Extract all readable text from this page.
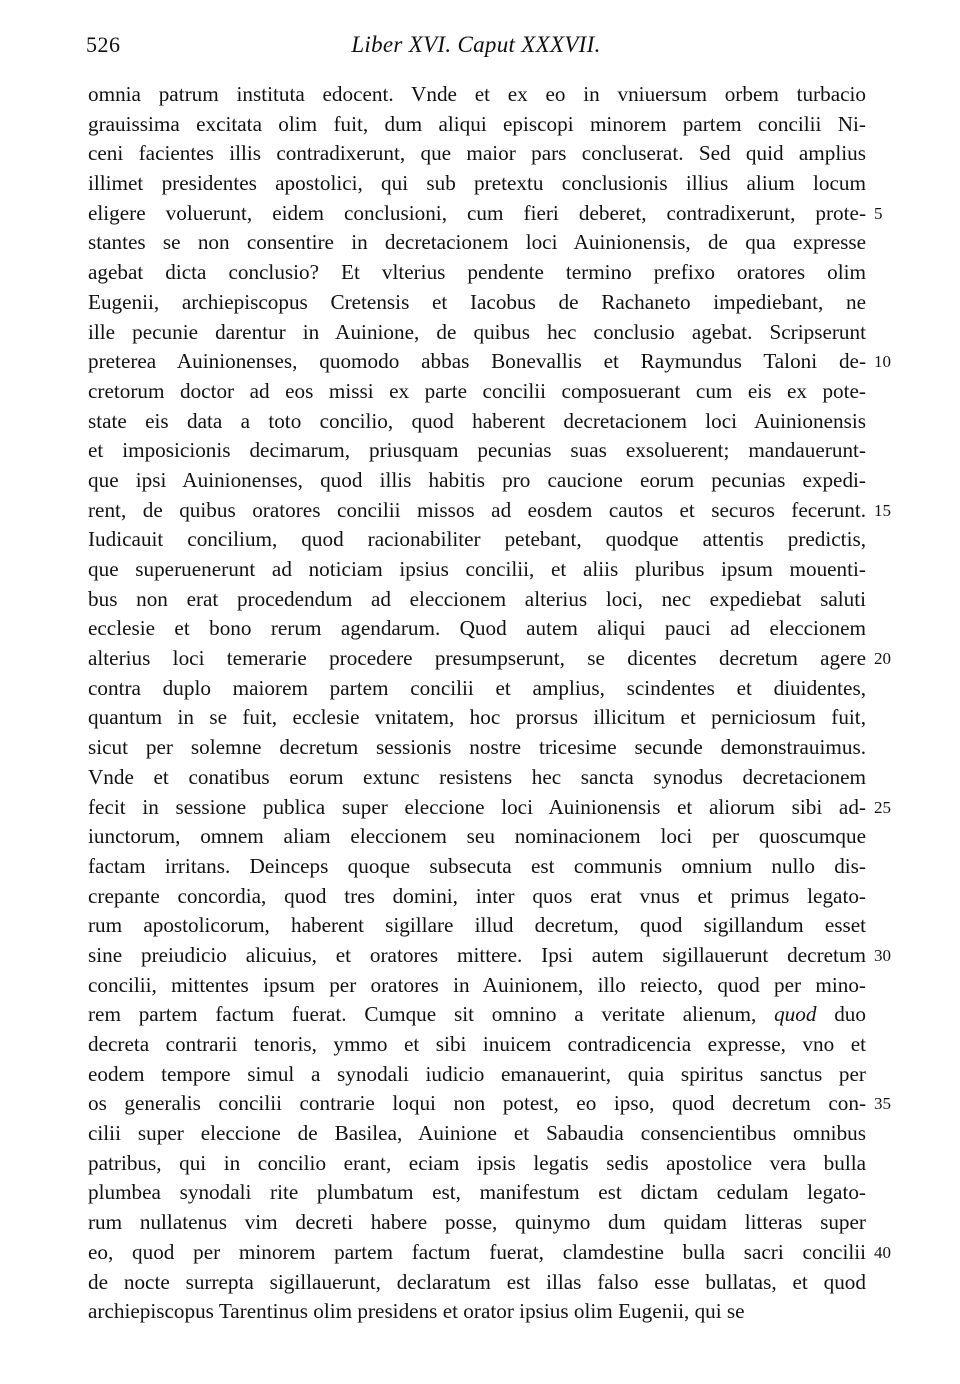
526	Liber XVI. Caput XXXVII.
omnia patrum instituta edocent. Vnde et ex eo in vniuersum orbem turbacio
grauissima excitata olim fuit, dum aliqui episcopi minorem partem concilii Ni-
ceni facientes illis contradixerunt, que maior pars concluserat. Sed quid amplius
illimet presidentes apostolici, qui sub pretextu conclusionis illius alium locum
eligere voluerunt, eidem conclusioni, cum fieri deberet, contradixerunt, prote- 5
stantes se non consentire in decretacionem loci Auinionensis, de qua expresse
agebat dicta conclusio? Et vlterius pendente termino prefixo oratores olim
Eugenii, archiepiscopus Cretensis et Iacobus de Rachaneto impediebant, ne
ille pecunie darentur in Auinione, de quibus hec conclusio agebat. Scripserunt
preterea Auinionenses, quomodo abbas Bonevallis et Raymundus Taloni de- 10
cretorum doctor ad eos missi ex parte concilii composuerant cum eis ex pote-
state eis data a toto concilio, quod haberent decretacionem loci Auinionensis
et imposicionis decimarum, priusquam pecunias suas exsoluerent; mandauerunt-
que ipsi Auinionenses, quod illis habitis pro caucione eorum pecunias expedi-
rent, de quibus oratores concilii missos ad eosdem cautos et securos fecerunt. 15
Iudicauit concilium, quod racionabiliter petebant, quodque attentis predictis,
que superuenerunt ad noticiam ipsius concilii, et aliis pluribus ipsum mouenti-
bus non erat procedendum ad eleccionem alterius loci, nec expediebat saluti
ecclesie et bono rerum agendarum. Quod autem aliqui pauci ad eleccionem
alterius loci temerarie procedere presumpserunt, se dicentes decretum agere 20
contra duplo maiorem partem concilii et amplius, scindentes et diuidentes,
quantum in se fuit, ecclesie vnitatem, hoc prorsus illicitum et perniciosum fuit,
sicut per solemne decretum sessionis nostre tricesime secunde demonstrauimus.
Vnde et conatibus eorum extunc resistens hec sancta synodus decretacionem
fecit in sessione publica super eleccione loci Auinionensis et aliorum sibi ad- 25
iunctorum, omnem aliam eleccionem seu nominacionem loci per quoscumque
factam irritans. Deinceps quoque subsecuta est communis omnium nullo dis-
crepante concordia, quod tres domini, inter quos erat vnus et primus legato-
rum apostolicorum, haberent sigillare illud decretum, quod sigillandum esset
sine preiudicio alicuius, et oratores mittere. Ipsi autem sigillauerunt decretum 30
concilii, mittentes ipsum per oratores in Auinionem, illo reiecto, quod per mino-
rem partem factum fuerat. Cumque sit omnino a veritate alienum, quod duo
decreta contrarii tenoris, ymmo et sibi inuicem contradicencia expresse, vno et
eodem tempore simul a synodali iudicio emanauerint, quia spiritus sanctus per
os generalis concilii contrarie loqui non potest, eo ipso, quod decretum con- 35
cilii super eleccione de Basilea, Auinione et Sabaudia consencientibus omnibus
patribus, qui in concilio erant, eciam ipsis legatis sedis apostolice vera bulla
plumbea synodali rite plumbatum est, manifestum est dictam cedulam legato-
rum nullatenus vim decreti habere posse, quinymo dum quidam litteras super
eo, quod per minorem partem factum fuerat, clamdestine bulla sacri concilii 40
de nocte surrepta sigillauerunt, declaratum est illas falso esse bullatas, et quod
archiepiscopus Tarentinus olim presidens et orator ipsius olim Eugenii, qui se
